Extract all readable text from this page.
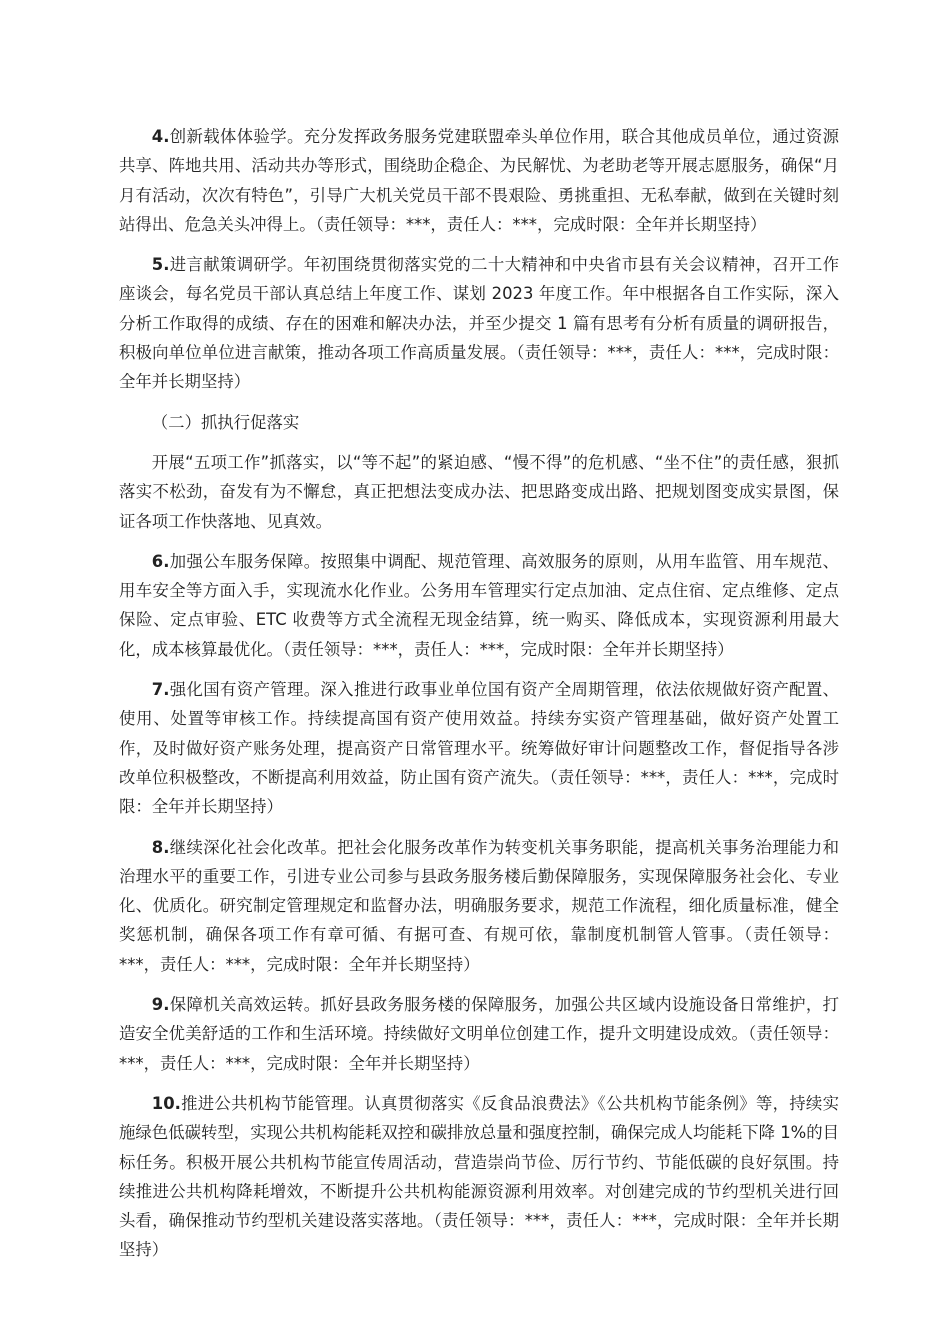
4.创新载体体验学。充分发挥政务服务党建联盟牵头单位作用，联合其他成员单位，通过资源共享、阵地共用、活动共办等形式，围绕助企稳企、为民解忧、为老助老等开展志愿服务，确保“月月有活动，次次有特色”，引导广大机关党员干部不畏艰险、勇挑重担、无私奉献，做到在关键时刻站得出、危急关头冲得上。（责任领导：***，责任人：***，完成时限：全年并长期坚持）

5.进言献策调研学。年初围绕贯彻落实党的二十大精神和中央省市县有关会议精神，召开工作座谈会，每名党员干部认真总结上年度工作、谋划 2023 年度工作。年中根据各自工作实际，深入分析工作取得的成绩、存在的困难和解决办法，并至少提交 1 篇有思考有分析有质量的调研报告，积极向单位单位进言献策，推动各项工作高质量发展。（责任领导：***，责任人：***，完成时限：全年并长期坚持）

（二）抓执行促落实

开展“五项工作”抓落实，以“等不起”的紧迫感、“慢不得”的危机感、“坐不住”的责任感，狠抓落实不松劲，奋发有为不懈怠，真正把想法变成办法、把思路变成出路、把规划图变成实景图，保证各项工作快落地、见真效。

6.加强公车服务保障。按照集中调配、规范管理、高效服务的原则，从用车监管、用车规范、用车安全等方面入手，实现流水化作业。公务用车管理实行定点加油、定点住宿、定点维修、定点保险、定点审验、ETC 收费等方式全流程无现金结算，统一购买、降低成本，实现资源利用最大化，成本核算最优化。（责任领导：***，责任人：***，完成时限：全年并长期坚持）

7.强化国有资产管理。深入推进行政事业单位国有资产全周期管理，依法依规做好资产配置、使用、处置等审核工作。持续提高国有资产使用效益。持续夯实资产管理基础，做好资产处置工作，及时做好资产账务处理，提高资产日常管理水平。统筹做好审计问题整改工作，督促指导各涉改单位积极整改，不断提高利用效益，防止国有资产流失。（责任领导：***，责任人：***，完成时限：全年并长期坚持）

8.继续深化社会化改革。把社会化服务改革作为转变机关事务职能，提高机关事务治理能力和治理水平的重要工作，引进专业公司参与县政务服务楼后勤保障服务，实现保障服务社会化、专业化、优质化。研究制定管理规定和监督办法，明确服务要求，规范工作流程，细化质量标准，健全奖惩机制，确保各项工作有章可循、有据可查、有规可依，靠制度机制管人管事。（责任领导：***，责任人：***，完成时限：全年并长期坚持）

9.保障机关高效运转。抓好县政务服务楼的保障服务，加强公共区域内设施设备日常维护，打造安全优美舒适的工作和生活环境。持续做好文明单位创建工作，提升文明建设成效。（责任领导：***，责任人：***，完成时限：全年并长期坚持）

10.推进公共机构节能管理。认真贯彻落实《反食品浪费法》《公共机构节能条例》等，持续实施绿色低碳转型，实现公共机构能耗双控和碳排放总量和强度控制，确保完成人均能耗下降 1%的目标任务。积极开展公共机构节能宣传周活动，营造崇尚节俭、厉行节约、节能低碳的良好氛围。持续推进公共机构降耗增效，不断提升公共机构能源资源利用效率。对创建完成的节约型机关进行回头看，确保推动节约型机关建设落实落地。（责任领导：***，责任人：***，完成时限：全年并长期坚持）
